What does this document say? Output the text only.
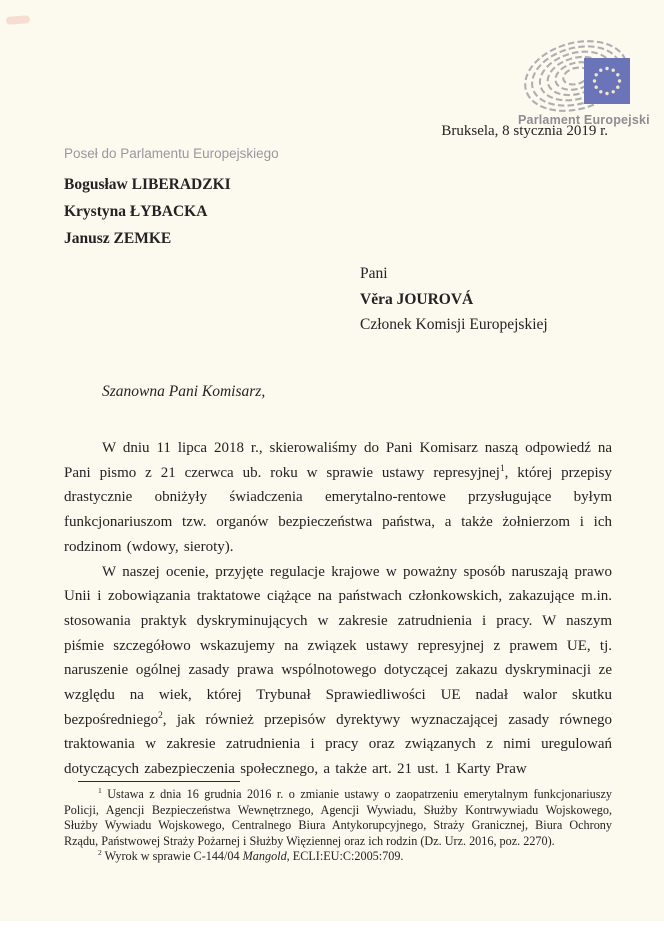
Parlament Europejski
Bruksela, 8 stycznia 2019 r.
Poseł do Parlamentu Europejskiego
Bogusław LIBERADZKI
Krystyna ŁYBACKA
Janusz ZEMKE
Pani
Věra JOUROVÁ
Członek Komisji Europejskiej
Szanowna Pani Komisarz,

W dniu 11 lipca 2018 r., skierowaliśmy do Pani Komisarz naszą odpowiedź na Pani pismo z 21 czerwca ub. roku w sprawie ustawy represyjnej$^1$, której przepisy drastycznie obniżyły świadczenia emerytalno-rentowe przysługujące byłym funkcjonariuszom tzw. organów bezpieczeństwa państwa, a także żołnierzom i ich rodzinom (wdowy, sieroty).

W naszej ocenie, przyjęte regulacje krajowe w poważny sposób naruszają prawo Unii i zobowiązania traktatowe ciążące na państwach członkowskich, zakazujące m.in. stosowania praktyk dyskryminujących w zakresie zatrudnienia i pracy. W naszym piśmie szczegółowo wskazujemy na związek ustawy represyjnej z prawem UE, tj. naruszenie ogólnej zasady prawa wspólnotowego dotyczącej zakazu dyskryminacji ze względu na wiek, której Trybunał Sprawiedliwości UE nadał walor skutku bezpośredniego$^2$, jak również przepisów dyrektywy wyznaczającej zasady równego traktowania w zakresie zatrudnienia i pracy oraz związanych z nimi uregulowań dotyczących zabezpieczenia społecznego, a także art. 21 ust. 1 Karty Praw

$^1$ Ustawa z dnia 16 grudnia 2016 r. o zmianie ustawy o zaopatrzeniu emerytalnym funkcjonariuszy Policji, Agencji Bezpieczeństwa Wewnętrznego, Agencji Wywiadu, Służby Kontrwywiadu Wojskowego, Służby Wywiadu Wojskowego, Centralnego Biura Antykorupcyjnego, Straży Granicznej, Biura Ochrony Rządu, Państwowej Straży Pożarnej i Służby Więziennej oraz ich rodzin (Dz. Urz. 2016, poz. 2270).

$^2$ Wyrok w sprawie C-144/04 Mangold, ECLI:EU:C:2005:709.
